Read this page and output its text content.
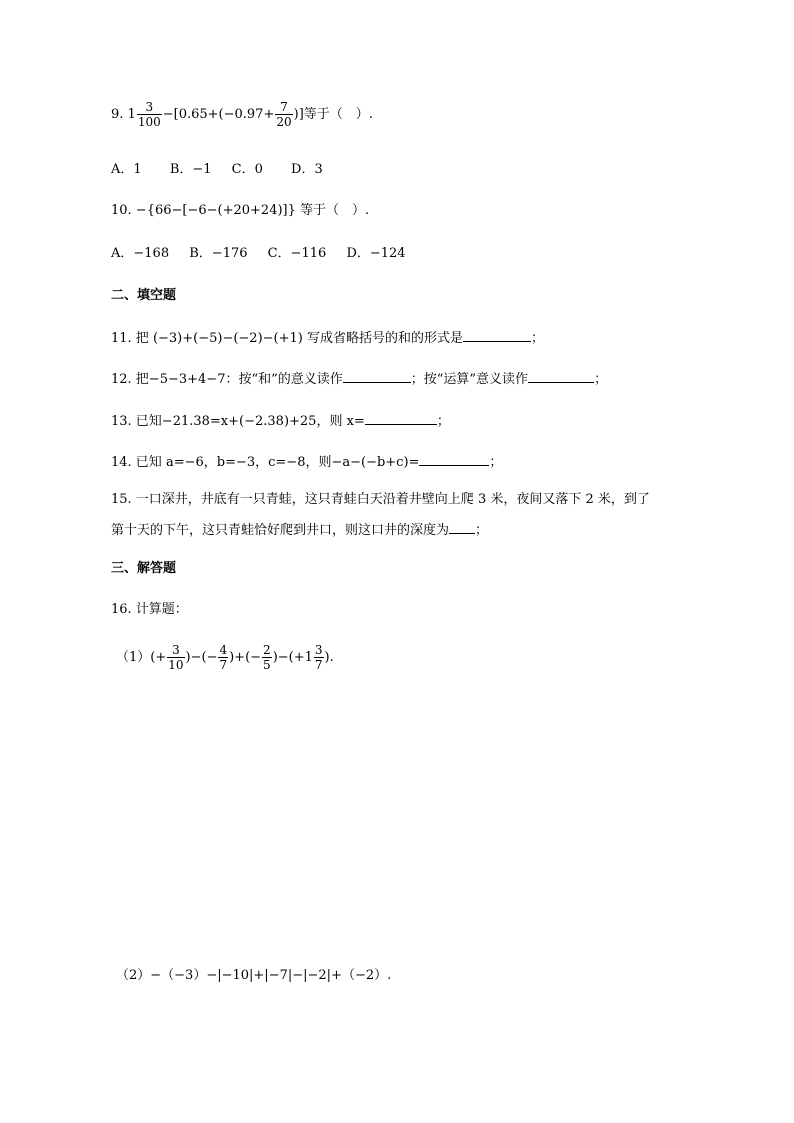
9. $1 \frac{3}{100} -[0.65+(-0.97+ \frac{7}{20}$ )]等于（　）.
A．1 B．−1 C．0 D．3
10. −{66−[−6−(+20+24)]} 等于（　）.
A．−168 B．−176 C．−116 D．−124
二、填空题
11. 把 (−3)+(−5)−(−2)−(+1) 写成省略括号的和的形式是	；
12. 把−5−3+4−7：按“和”的意义读作	；按“运算”意义读作	；
13. 已知−21.38=x+(−2.38)+25，则 x=	；
14. 已知 a=−6，b=−3，c=−8，则−a−(−b+c)=	；
15. 一口深井，井底有一只青蛙，这只青蛙白天沿着井壁向上爬 3 米，夜间又落下 2 米，到了
第十天的下午，这只青蛙恰好爬到井口，则这口井的深度为 ；
三、解答题
16. 计算题：
$(1)(+ \frac{3}{10}$ )−(− $\frac{4}{7}$ )+(− $\frac{2}{5} )-(+1 \frac{3}{7}$ ).
（2）−（−3）−|−10|+|−7|−|−2|+（−2）.
